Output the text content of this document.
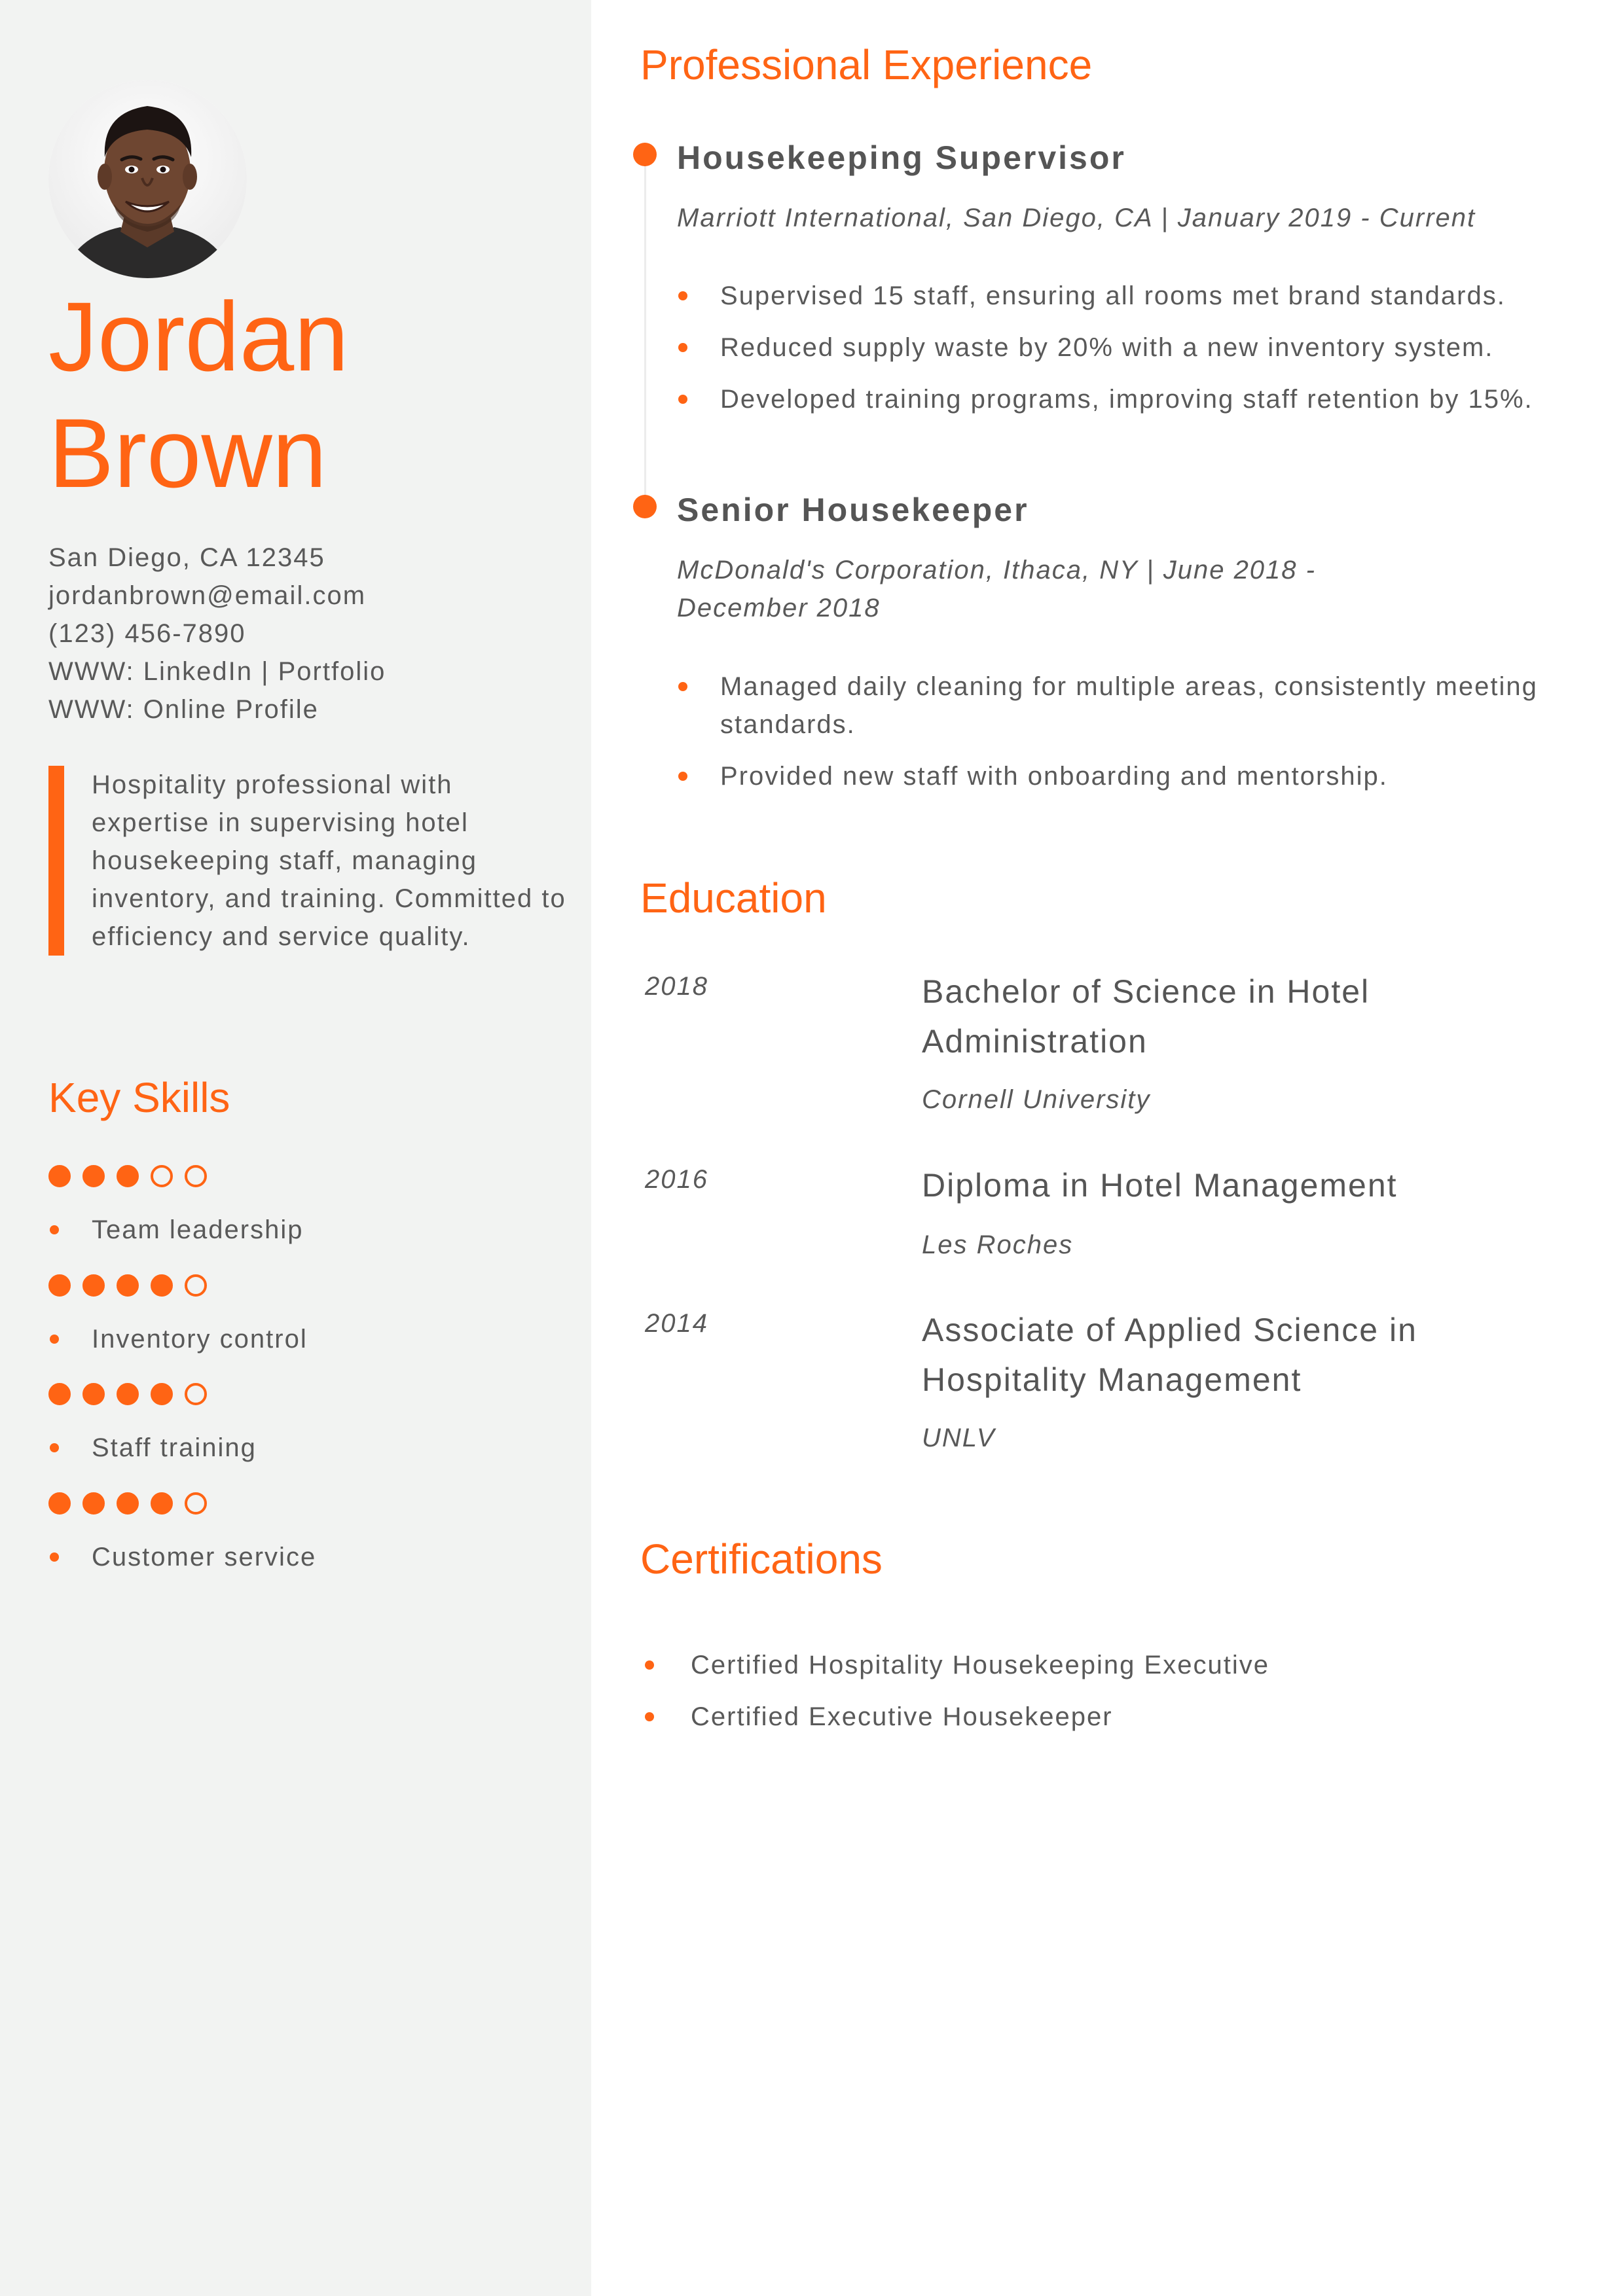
Jordan
Brown
San Diego, CA 12345
jordanbrown@email.com
(123) 456-7890
WWW: LinkedIn | Portfolio
WWW: Online Profile
Hospitality professional with expertise in supervising hotel housekeeping staff, managing inventory, and training. Committed to efficiency and service quality.
Key Skills
Team leadership
Inventory control
Staff training
Customer service
Professional Experience
Housekeeping Supervisor
Marriott International, San Diego, CA | January 2019 - Current
Supervised 15 staff, ensuring all rooms met brand standards.
Reduced supply waste by 20% with a new inventory system.
Developed training programs, improving staff retention by 15%.
Senior Housekeeper
McDonald's Corporation, Ithaca, NY | June 2018 - December 2018
Managed daily cleaning for multiple areas, consistently meeting standards.
Provided new staff with onboarding and mentorship.
Education
2018	Bachelor of Science in Hotel Administration
Cornell University
2016	Diploma in Hotel Management
Les Roches
2014	Associate of Applied Science in Hospitality Management
UNLV
Certifications
Certified Hospitality Housekeeping Executive
Certified Executive Housekeeper
